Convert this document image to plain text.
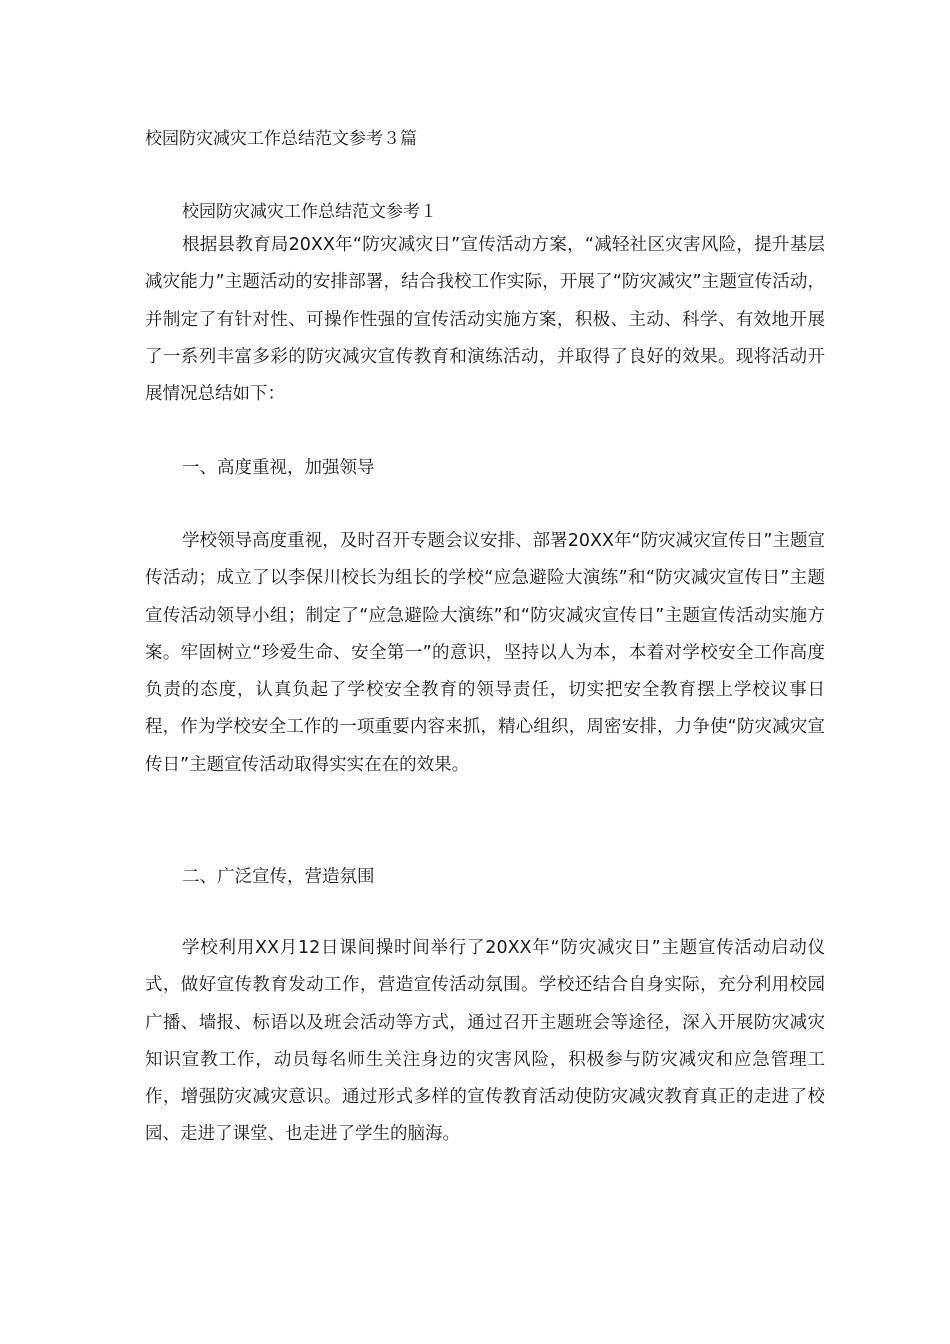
校园防灾减灾工作总结范文参考３篇
校园防灾减灾工作总结范文参考１

根据县教育局20XX年“防灾减灾日”宣传活动方案，“减轻社区灾害风险，提升基层减灾能力”主题活动的安排部署，结合我校工作实际，开展了“防灾减灾”主题宣传活动，并制定了有针对性、可操作性强的宣传活动实施方案，积极、主动、科学、有效地开展了一系列丰富多彩的防灾减灾宣传教育和演练活动，并取得了良好的效果。现将活动开展情况总结如下：

一、高度重视，加强领导

学校领导高度重视，及时召开专题会议安排、部署20XX年“防灾减灾宣传日”主题宣传活动；成立了以李保川校长为组长的学校“应急避险大演练”和“防灾减灾宣传日”主题宣传活动领导小组；制定了“应急避险大演练”和“防灾减灾宣传日”主题宣传活动实施方案。牢固树立“珍爱生命、安全第一”的意识，坚持以人为本，本着对学校安全工作高度负责的态度，认真负起了学校安全教育的领导责任，切实把安全教育摆上学校议事日程，作为学校安全工作的一项重要内容来抓，精心组织，周密安排，力争使“防灾减灾宣传日”主题宣传活动取得实实在在的效果。

二、广泛宣传，营造氛围

学校利用XX月12日课间操时间举行了20XX年“防灾减灾日”主题宣传活动启动仪式，做好宣传教育发动工作，营造宣传活动氛围。学校还结合自身实际，充分利用校园广播、墙报、标语以及班会活动等方式，通过召开主题班会等途径，深入开展防灾减灾知识宣教工作，动员每名师生关注身边的灾害风险，积极参与防灾减灾和应急管理工作，增强防灾减灾意识。通过形式多样的宣传教育活动使防灾减灾教育真正的走进了校园、走进了课堂、也走进了学生的脑海。
